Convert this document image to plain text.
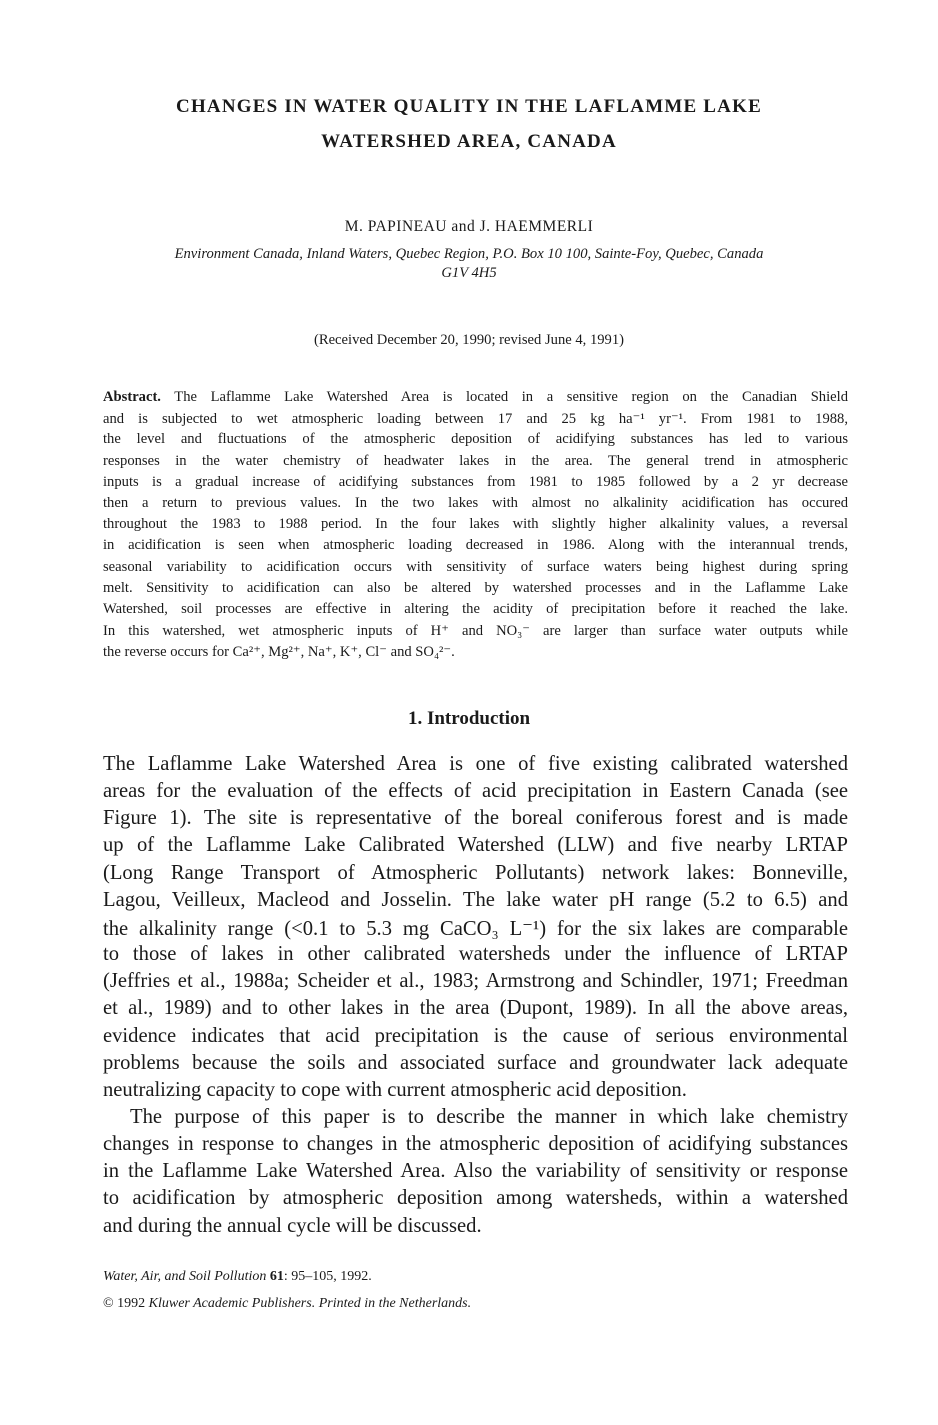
CHANGES IN WATER QUALITY IN THE LAFLAMME LAKE
WATERSHED AREA, CANADA
M. PAPINEAU and J. HAEMMERLI
Environment Canada, Inland Waters, Quebec Region, P.O. Box 10 100, Sainte-Foy, Quebec, Canada
G1V 4H5
(Received December 20, 1990; revised June 4, 1991)
Abstract. The Laflamme Lake Watershed Area is located in a sensitive region on the Canadian Shield
and is subjected to wet atmospheric loading between 17 and 25 kg ha⁻¹ yr⁻¹. From 1981 to 1988,
the level and fluctuations of the atmospheric deposition of acidifying substances has led to various
responses in the water chemistry of headwater lakes in the area. The general trend in atmospheric
inputs is a gradual increase of acidifying substances from 1981 to 1985 followed by a 2 yr decrease
then a return to previous values. In the two lakes with almost no alkalinity acidification has occured
throughout the 1983 to 1988 period. In the four lakes with slightly higher alkalinity values, a reversal
in acidification is seen when atmospheric loading decreased in 1986. Along with the interannual trends,
seasonal variability to acidification occurs with sensitivity of surface waters being highest during spring
melt. Sensitivity to acidification can also be altered by watershed processes and in the Laflamme Lake
Watershed, soil processes are effective in altering the acidity of precipitation before it reached the lake.
In this watershed, wet atmospheric inputs of H⁺ and NO₃⁻ are larger than surface water outputs while
the reverse occurs for Ca²⁺, Mg²⁺, Na⁺, K⁺, Cl⁻ and SO₄²⁻.
1. Introduction
The Laflamme Lake Watershed Area is one of five existing calibrated watershed
areas for the evaluation of the effects of acid precipitation in Eastern Canada (see
Figure 1). The site is representative of the boreal coniferous forest and is made
up of the Laflamme Lake Calibrated Watershed (LLW) and five nearby LRTAP
(Long Range Transport of Atmospheric Pollutants) network lakes: Bonneville,
Lagou, Veilleux, Macleod and Josselin. The lake water pH range (5.2 to 6.5) and
the alkalinity range (<0.1 to 5.3 mg CaCO₃ L⁻¹) for the six lakes are comparable
to those of lakes in other calibrated watersheds under the influence of LRTAP
(Jeffries et al., 1988a; Scheider et al., 1983; Armstrong and Schindler, 1971; Freedman
et al., 1989) and to other lakes in the area (Dupont, 1989). In all the above areas,
evidence indicates that acid precipitation is the cause of serious environmental
problems because the soils and associated surface and groundwater lack adequate
neutralizing capacity to cope with current atmospheric acid deposition.
The purpose of this paper is to describe the manner in which lake chemistry
changes in response to changes in the atmospheric deposition of acidifying substances
in the Laflamme Lake Watershed Area. Also the variability of sensitivity or response
to acidification by atmospheric deposition among watersheds, within a watershed
and during the annual cycle will be discussed.
Water, Air, and Soil Pollution 61: 95–105, 1992.
© 1992 Kluwer Academic Publishers. Printed in the Netherlands.
